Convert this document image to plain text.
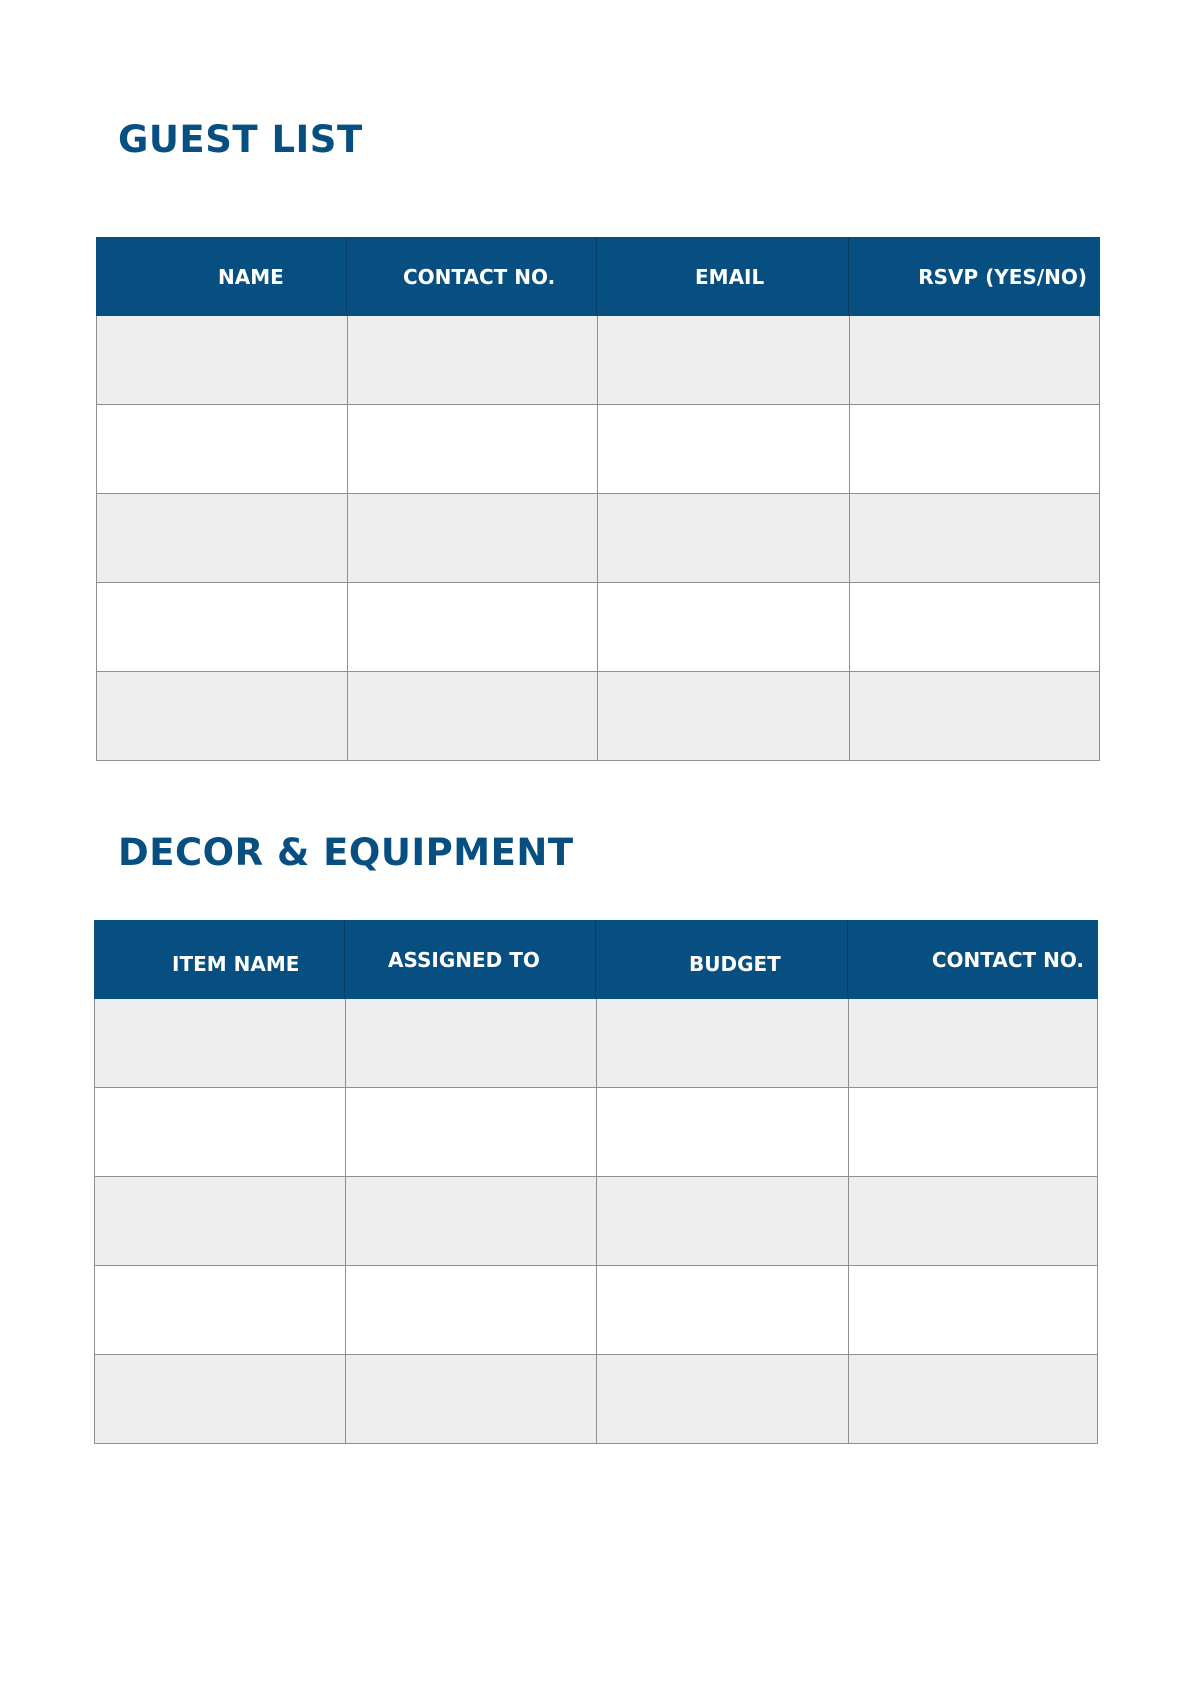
GUEST LIST
NAME	CONTACT NO.	EMAIL	RSVP (YES/NO)
DECOR & EQUIPMENT
ITEM NAME	ASSIGNED TO	BUDGET	CONTACT NO.
